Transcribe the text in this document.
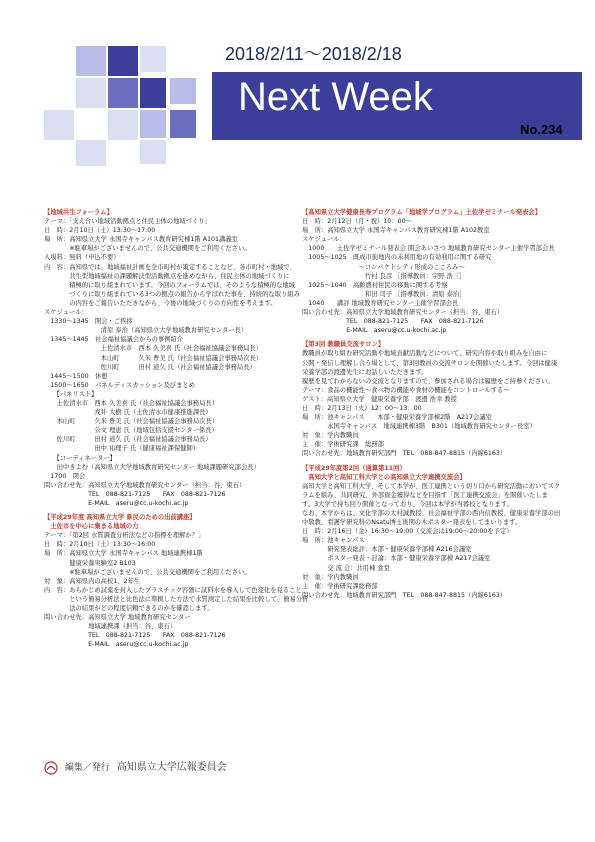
2018/2/11～2018/2/18
Next Week
No.234
【地域共生フォーラム】
テーマ：「支え合い地域活動拠点と住民主体の地域づくり」
日　時：2月10日（土）13:30～17:00
場　所：高知県立大学 永国寺キャンパス教育研究棟1階 A101講義室
　　　　※駐車場がございませんので、公共交通機関をご利用ください。
入場料：無料（申込不要）
内　容：高知県では、地域福祉計画を全市町村が策定することなど、各市町村・地域で、
　　　　共生型地域福祉の課題解決型活動拠点を進めながら、住民主体の地域づくりに
　　　　積極的に取り組まれています。今回のフォーラムでは、そのような積極的な地域
　　　　づくりに取り組まれている3つの拠点の報告から学ばれた事を、持続的な取り組み
　　　　の内容をご報告いただきながら、今後の地域づくりの方向性を考えます。
スケジュール：
　1330～1345　開会・ご挨拶
　　　　　　　　　清原 泰治（高知県立大学地域教育研究センター長）
　1345～1445　社会福祉協議会からの事例紹介
　　　　　　　　　土佐清水市　西本 久美喜 氏（社会福祉協議会事務局長）
　　　　　　　　　本山町　　　久米 豊美 氏（社会福祉協議会事務局次長）
　　　　　　　　　佐川町　　　田村 道久 氏（社会福祉協議会事務局長）
　1445～1500　休憩
　1500～1650　パネルディスカッション及びまとめ
　　【パネリスト】
　　土佐清水市　西本 久美喜 氏（社会福祉協議会事務局長）
　　　　　　　　戎井 大樹 氏（土佐清水市健康推進課長）
　　本山町　　　久米 豊美 氏（社会福祉協議会事務局次長）
　　　　　　　　公文 理恵 氏（地域包括支援センター係長）
　　佐川町　　　田村 道久 氏（社会福祉協議会事務局長）
　　　　　　　　田中 祐理子 氏（健康福祉課保健師）
　　【コーディネーター】
　　田中きよむ（高知県立大学地域教育研究センター 地域課題研究部会長）
　1700　閉会
問い合わせ先：高知県立大学地域教育研究センター（担当：谷、東石）
　　　　　　　TEL　088-821-7125　　FAX　088-821-7126
　　　　　　　E-MAIL　aseru@cc.u-kochi.ac.jp
【平成29年度 高知県立大学 県民のための出前講座】
　土佐市を中心に集まる地域の力
テーマ：「第2回 水質調査分析法などの指標を理解か？」
日　時：2月10日（土）13:30～16:00
場　所：高知県立大学 永国寺キャンパス 地域連携棟1階
　　　　健康栄養実験室2 B103
　　　　※駐車場がございませんので、公共交通機関をご利用ください。
対　象：高知県内の高校1、2年生
内　容：あらかじめ試薬を封入したプラスチック容器に試料水を導入して色変化を見ること
　　　　という簡易分析法と比色法に準拠した方法で水質測定した結果を比較して、簡易分析
　　　　法の結果がどの程度信頼できるのかを確認します。
問い合わせ先：高知県立大学 地域教育研究センター
　　　　　　　地域連携課（担当：谷、東石）
　　　　　　　TEL　088-821-7125　　FAX　088-821-7126
　　　　　　　E-MAIL　aseru@cc.u-kochi.ac.jp
【高知県立大学健康長寿プログラム「地域学プログラム」土佐学ゼミナール発表会】
日　時：2月12日（月・祝）10：00～
場　所：高知県立大学 永国寺キャンパス教育研究棟1階 A102教室
スケジュール：
　1000　　土佐学ゼミナール発表会 開会あいさつ 地域教育研究センター主催学習部会長
　1005～1025　既成市街地内の未利用地の有効利用に関する研究
　　　　　　　　　～コンパクトシティ形成のこころみ～
　　　　　　　　　　竹村 良彦 ［指導教員：宇野 浩三］
　1025～1040　高齢農村住民の移動に関する考察
　　　　　　　　　　和田 司子 ［指導教員：清原 泰治］
　1040　　講評 地域教育研究センター主催学習部会長
問い合わせ先：高知県立大学地域教育研究センター（担当：谷、東石）
　　　　　　　TEL　088-821-7125　　FAX　088-821-7126
　　　　　　　E-MAIL　aseru@cc.u-kochi.ac.jp
【第3回 教職員交流サロン】
教職員が取り組む研究活動や地域貢献活動などについて、研究内容や取り組みを自由に
公開・発信し理解し合う場として、第3回教員の交流サロンを開催いたします。今回は健康
栄養学部の渡邊先生にお話しいただきます。
履歴を見てわからないの交流となりますので、参加される場合は履歴をご持参ください。
テーマ：食品の機能性～食べ物の機能や食材の機能をコントロールする～
ゲスト：高知県立大学　健康栄養学部　渡邊 浩幸 教授
日　時：2月13日（火）12：00～13：00
場　所：池キャンパス　　本部・健康栄養学部棟2階　A217会議室
　　　　永国寺キャンパス　地域連携棟3階　B301（地域教育研究センター長室）
対　象：学内教職員
主　催：学術研究課　総務部
問い合わせ先：地域教育研究部門　TEL　088-847-8815（内線6163）
【平成29年度第2回（通算第11回）
　高知大学と高知工科大学との高知県立大学連携交流会】
高知大学と高知工科大学、そして本学が、医工連携という切り口から研究活動においてスク
ラムを組み、共同研究、外部資金獲得などを目指す「医工連携交流会」を開催いたしま
す。3大学で持ち回り開催となっており、今回は本学が当番校となります。
なお、本学からは、文化学部の大村誠教授、社会福祉学部の西内信教授、健康栄養学部の田
中敬教、看護学研究科のNsatu博士後期の木ポスター発表をしてまいります。
日　時：2月16日（金）16:30～19:00（交流会は19:00～20:00を予定）
場　所：池キャンパス
　　　　研究発表総評：本部・健康栄養学部棟 A216会議室
　　　　ポスター発表・討論：本部・健康栄養学部棟 A217会議室
　　　　交 流 会：共用棟 食堂
対　象：学内教職員
主　催：学術研究課総務部
問い合わせ先：地域教育研究部門　TEL　088-847-8815（内線6163）
編集／発行 高知県立大学広報委員会
